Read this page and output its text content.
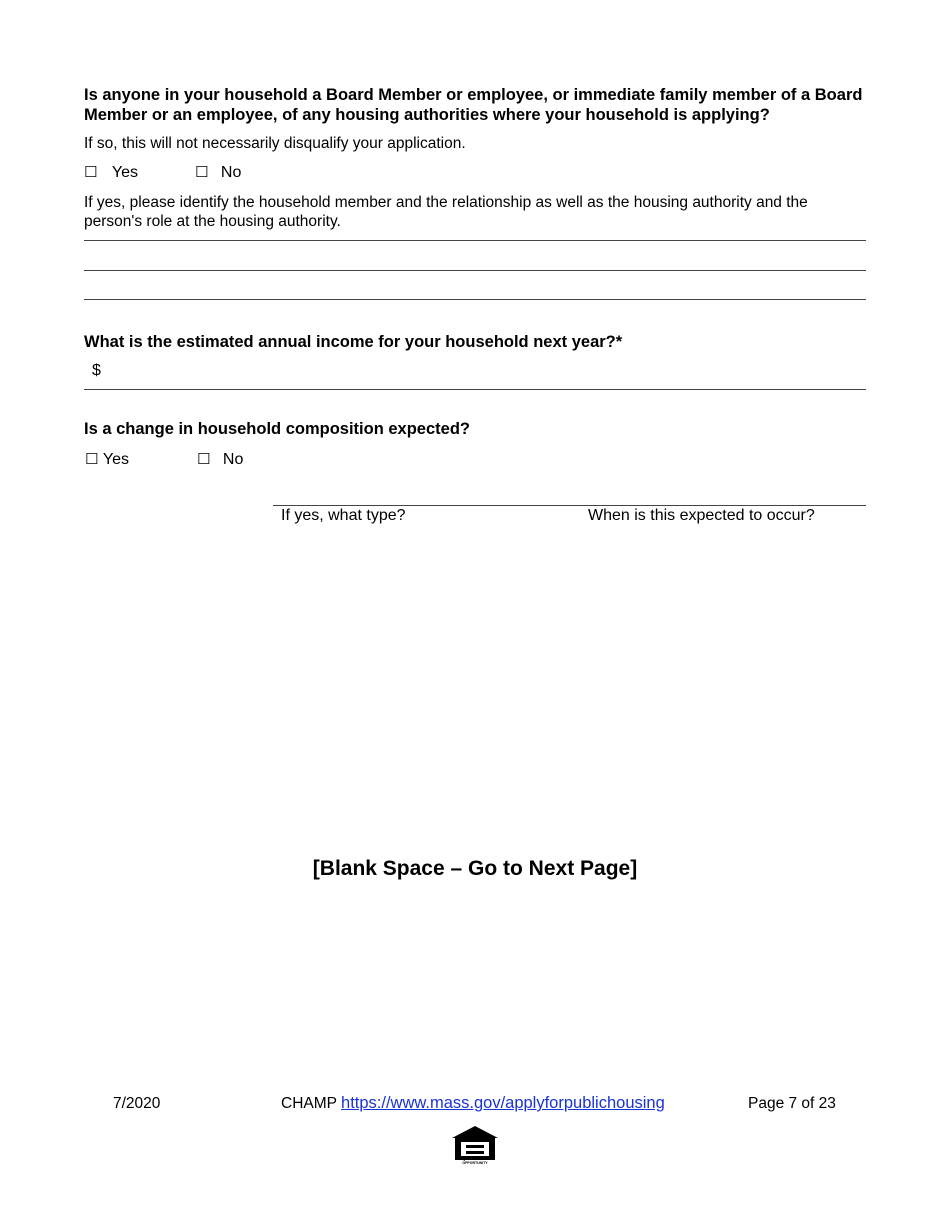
Is anyone in your household a Board Member or employee, or immediate family member of a Board Member or an employee, of any housing authorities where your household is applying?
If so, this will not necessarily disqualify your application.
☐ Yes	☐ No
If yes, please identify the household member and the relationship as well as the housing authority and the person's role at the housing authority.
What is the estimated annual income for your household next year?*
$
Is a change in household composition expected?
☐ Yes	☐ No
If yes, what type?	When is this expected to occur?
[Blank Space – Go to Next Page]
7/2020	CHAMP https://www.mass.gov/applyforpublichousing	Page 7 of 23
EQUAL HOUSING OPPORTUNITY
